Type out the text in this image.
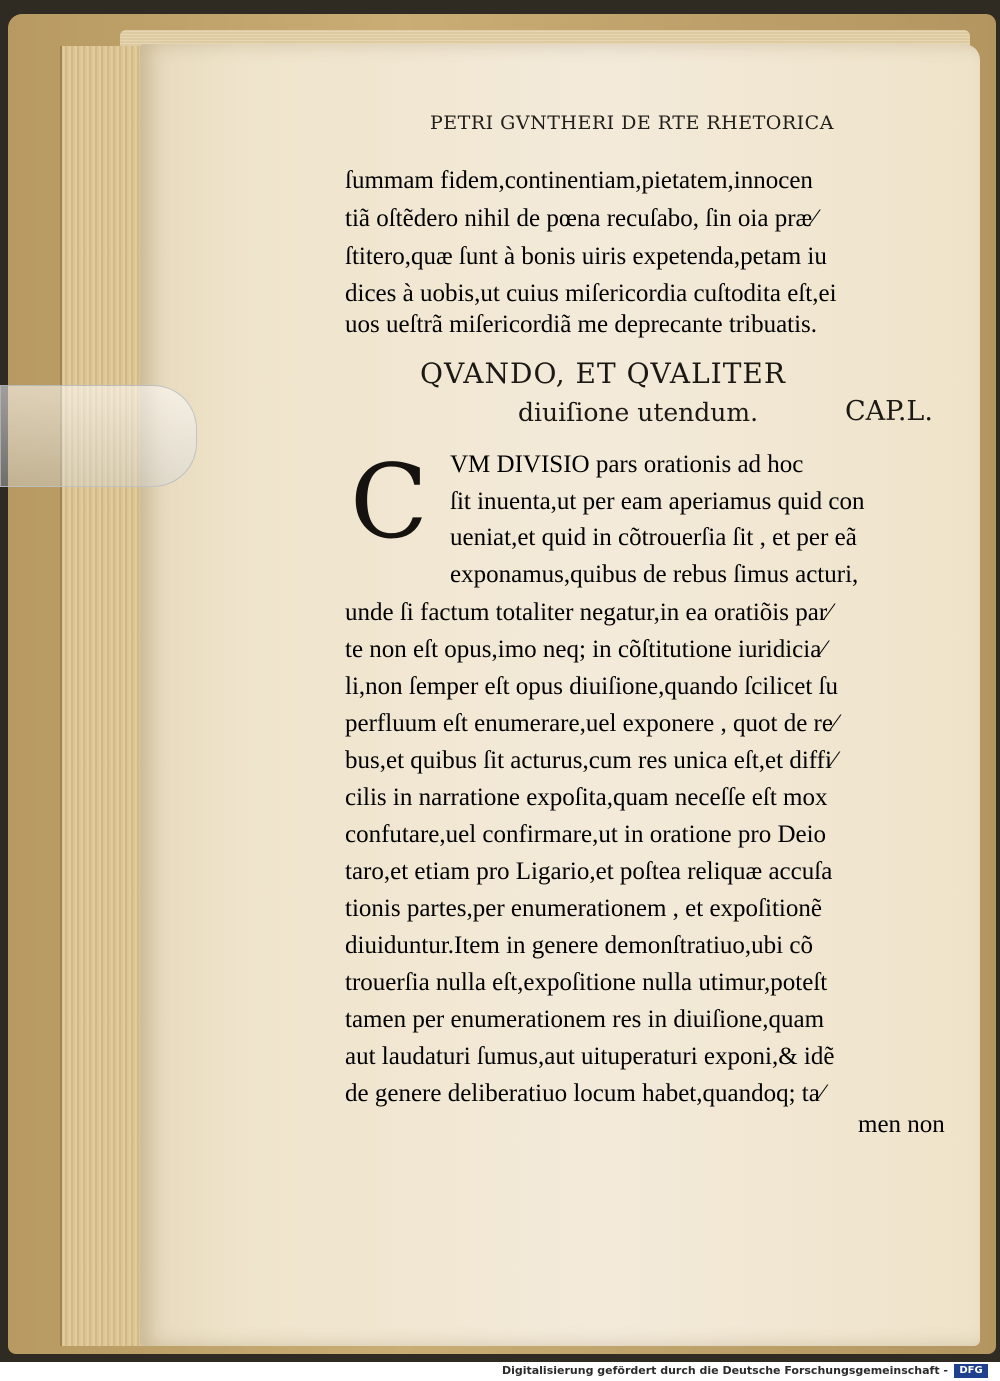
PETRI GVNTHERI DE RTE RHETORICA
ſummam fidem,continentiam,pietatem,innocen
tiã oſtẽdero nihil de pœna recuſabo, ſin oia præ⁄
ſtitero,quæ ſunt à bonis uiris expetenda,petam iu
dices à uobis,ut cuius miſericordia cuſtodita eſt,ei
uos ueſtrã miſericordiã me deprecante tribuatis.
QVANDO, ET QVALITER
diuiſione utendum.	CAP.L.
C VM DIVISIO pars orationis ad hoc
ſit inuenta,ut per eam aperiamus quid con
ueniat,et quid in cõtrouerſia ſit , et per eã
exponamus,quibus de rebus ſimus acturi,
unde ſi factum totaliter negatur,in ea oratiõis par⁄
te non eſt opus,imo neq; in cõſtitutione iuridicia⁄
li,non ſemper eſt opus diuiſione,quando ſcilicet ſu
perfluum eſt enumerare,uel exponere , quot de re⁄
bus,et quibus ſit acturus,cum res unica eſt,et diffi⁄
cilis in narratione expoſita,quam neceſſe eſt mox
confutare,uel confirmare,ut in oratione pro Deio
taro,et etiam pro Ligario,et poſtea reliquæ accuſa
tionis partes,per enumerationem , et expoſitionẽ
diuiduntur.Item in genere demonſtratiuo,ubi cõ
trouerſia nulla eſt,expoſitione nulla utimur,poteſt
tamen per enumerationem res in diuiſione,quam
aut laudaturi ſumus,aut uituperaturi exponi,& idẽ
de genere deliberatiuo locum habet,quandoq; ta⁄
men non
Digitalisierung gefördert durch die Deutsche Forschungsgemeinschaft -	DFG
